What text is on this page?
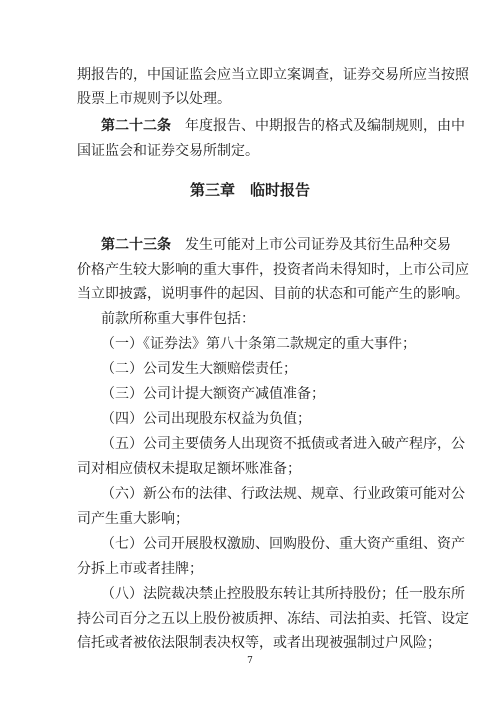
期报告的，中国证监会应当立即立案调查，证券交易所应当按照
股票上市规则予以处理。
第二十二条　年度报告、中期报告的格式及编制规则，由中
国证监会和证券交易所制定。
第三章　临时报告
第二十三条　发生可能对上市公司证券及其衍生品种交易
价格产生较大影响的重大事件，投资者尚未得知时，上市公司应
当立即披露，说明事件的起因、目前的状态和可能产生的影响。
前款所称重大事件包括：
（一）《证券法》第八十条第二款规定的重大事件；
（二）公司发生大额赔偿责任；
（三）公司计提大额资产减值准备；
（四）公司出现股东权益为负值；
（五）公司主要债务人出现资不抵债或者进入破产程序，公
司对相应债权未提取足额坏账准备；
（六）新公布的法律、行政法规、规章、行业政策可能对公
司产生重大影响；
（七）公司开展股权激励、回购股份、重大资产重组、资产
分拆上市或者挂牌；
（八）法院裁决禁止控股股东转让其所持股份；任一股东所
持公司百分之五以上股份被质押、冻结、司法拍卖、托管、设定
信托或者被依法限制表决权等，或者出现被强制过户风险；
7
